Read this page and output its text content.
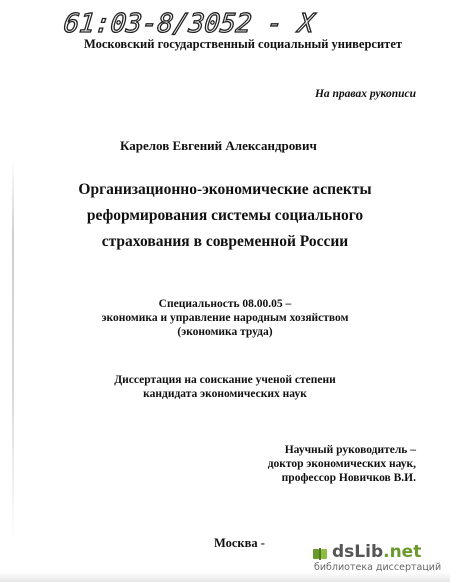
61:03-8/3052 - X
Московский государственный социальный университет
На правах рукописи
Карелов Евгений Александрович
Организационно-экономические аспекты
реформирования системы социального
страхования в современной России
Специальность 08.00.05 –
экономика и управление народным хозяйством
(экономика труда)
Диссертация на соискание ученой степени
кандидата экономических наук
Научный руководитель –
доктор экономических наук,
профессор Новичков В.И.
Москва -	dsLib.net
библиотека диссертаций
